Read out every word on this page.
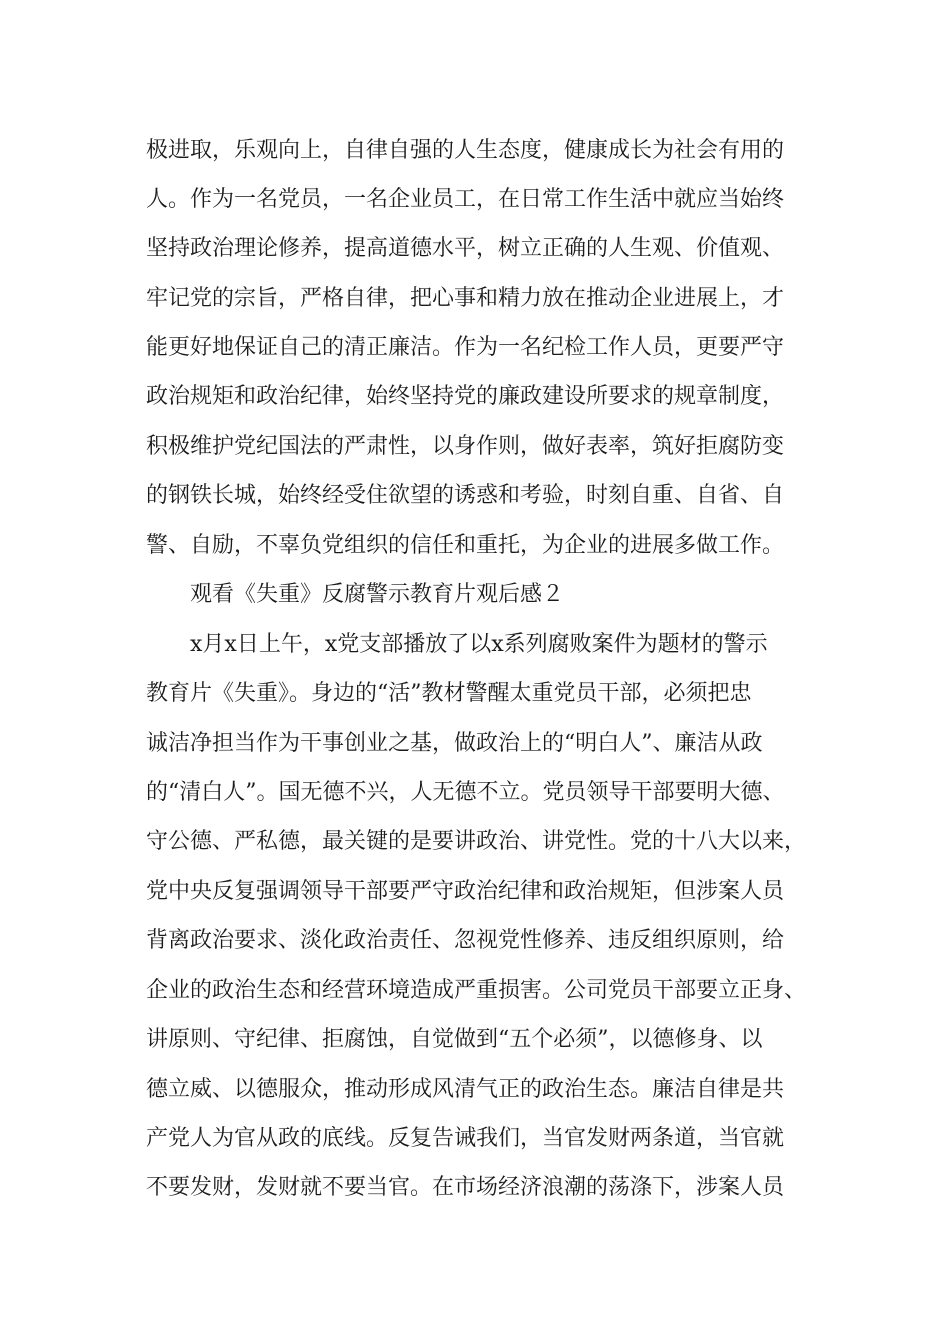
极进取，乐观向上，自律自强的人生态度，健康成长为社会有用的
人。作为一名党员，一名企业员工，在日常工作生活中就应当始终
坚持政治理论修养，提高道德水平，树立正确的人生观、价值观、
牢记党的宗旨，严格自律，把心事和精力放在推动企业进展上，才
能更好地保证自己的清正廉洁。作为一名纪检工作人员，更要严守
政治规矩和政治纪律，始终坚持党的廉政建设所要求的规章制度，
积极维护党纪国法的严肃性，以身作则，做好表率，筑好拒腐防变
的钢铁长城，始终经受住欲望的诱惑和考验，时刻自重、自省、自
警、自励，不辜负党组织的信任和重托，为企业的进展多做工作。
观看《失重》反腐警示教育片观后感２
x月x日上午，x党支部播放了以x系列腐败案件为题材的警示
教育片《失重》。身边的“活”教材警醒太重党员干部，必须把忠
诚洁净担当作为干事创业之基，做政治上的“明白人”、廉洁从政
的“清白人”。国无德不兴，人无德不立。党员领导干部要明大德、
守公德、严私德，最关键的是要讲政治、讲党性。党的十八大以来，
党中央反复强调领导干部要严守政治纪律和政治规矩，但涉案人员
背离政治要求、淡化政治责任、忽视党性修养、违反组织原则，给
企业的政治生态和经营环境造成严重损害。公司党员干部要立正身、
讲原则、守纪律、拒腐蚀，自觉做到“五个必须”，以德修身、以
德立威、以德服众，推动形成风清气正的政治生态。廉洁自律是共
产党人为官从政的底线。反复告诫我们，当官发财两条道，当官就
不要发财，发财就不要当官。在市场经济浪潮的荡涤下，涉案人员
